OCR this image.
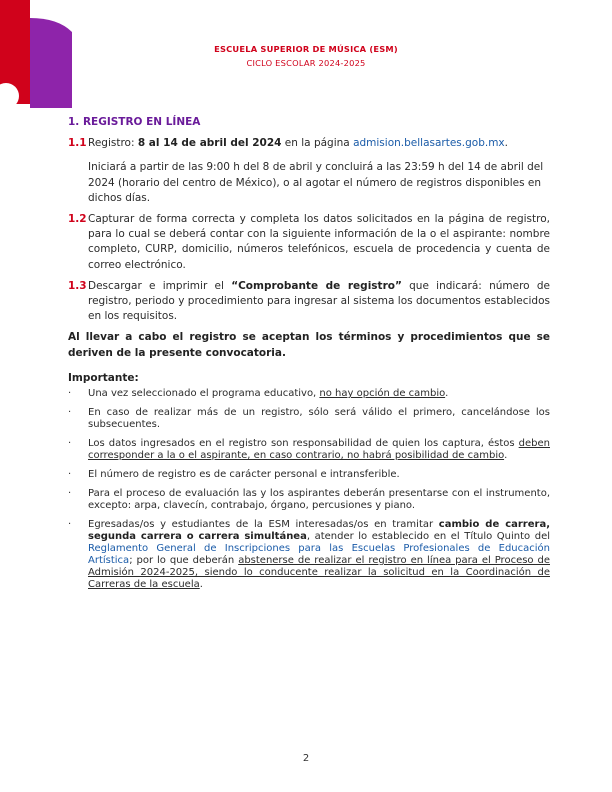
ESCUELA SUPERIOR DE MÚSICA (ESM)
CICLO ESCOLAR 2024-2025
1. REGISTRO EN LÍNEA
1.1 Registro: 8 al 14 de abril del 2024 en la página admision.bellasartes.gob.mx.

Iniciará a partir de las 9:00 h del 8 de abril y concluirá a las 23:59 h del 14 de abril del 2024 (horario del centro de México), o al agotar el número de registros disponibles en dichos días.

1.2 Capturar de forma correcta y completa los datos solicitados en la página de registro, para lo cual se deberá contar con la siguiente información de la o el aspirante: nombre completo, CURP, domicilio, números telefónicos, escuela de procedencia y cuenta de correo electrónico.

1.3 Descargar e imprimir el “Comprobante de registro” que indicará: número de registro, periodo y procedimiento para ingresar al sistema los documentos establecidos en los requisitos.

Al llevar a cabo el registro se aceptan los términos y procedimientos que se deriven de la presente convocatoria.
Importante:
· Una vez seleccionado el programa educativo, no hay opción de cambio.
· En caso de realizar más de un registro, sólo será válido el primero, cancelándose los subsecuentes.
· Los datos ingresados en el registro son responsabilidad de quien los captura, éstos deben corresponder a la o el aspirante, en caso contrario, no habrá posibilidad de cambio.
· El número de registro es de carácter personal e intransferible.
· Para el proceso de evaluación las y los aspirantes deberán presentarse con el instrumento, excepto: arpa, clavecín, contrabajo, órgano, percusiones y piano.
· Egresadas/os y estudiantes de la ESM interesadas/os en tramitar cambio de carrera, segunda carrera o carrera simultánea, atender lo establecido en el Título Quinto del Reglamento General de Inscripciones para las Escuelas Profesionales de Educación Artística; por lo que deberán abstenerse de realizar el registro en línea para el Proceso de Admisión 2024-2025, siendo lo conducente realizar la solicitud en la Coordinación de Carreras de la escuela.
2
